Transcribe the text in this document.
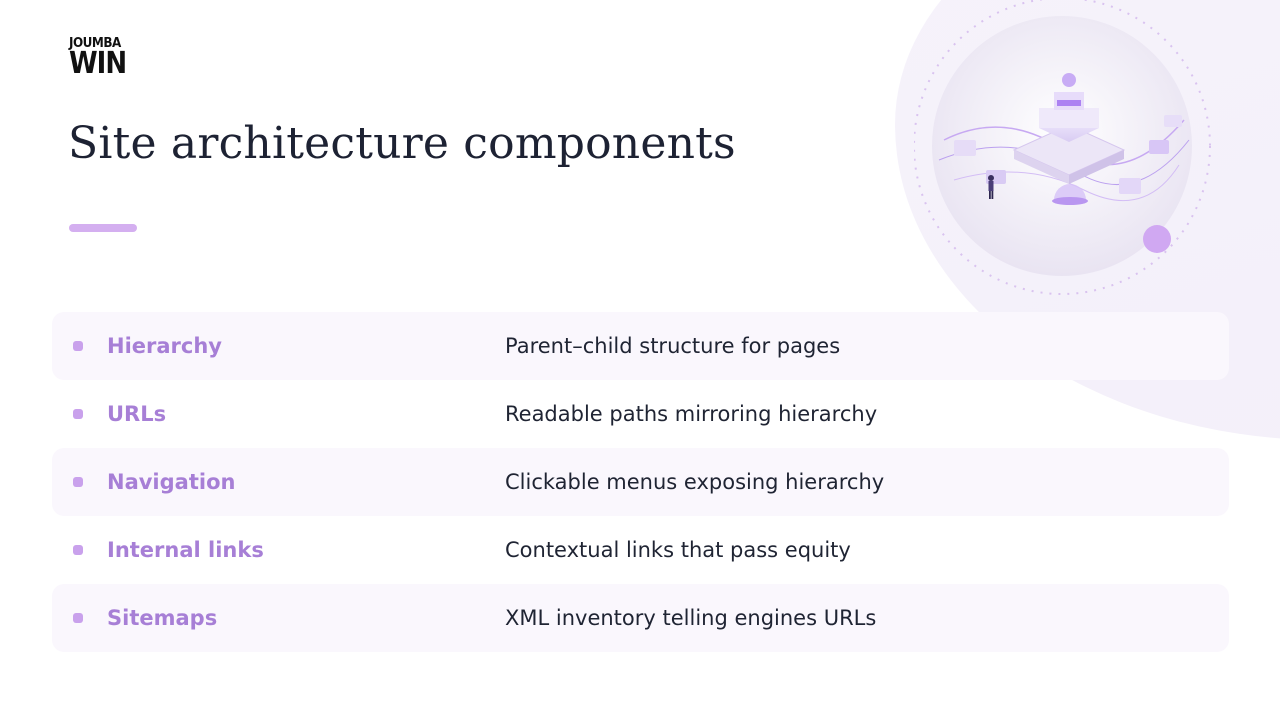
JOUMBA
WIN
Site architecture components
Hierarchy	Parent–child structure for pages
URLs	Readable paths mirroring hierarchy
Navigation	Clickable menus exposing hierarchy
Internal links	Contextual links that pass equity
Sitemaps	XML inventory telling engines URLs
